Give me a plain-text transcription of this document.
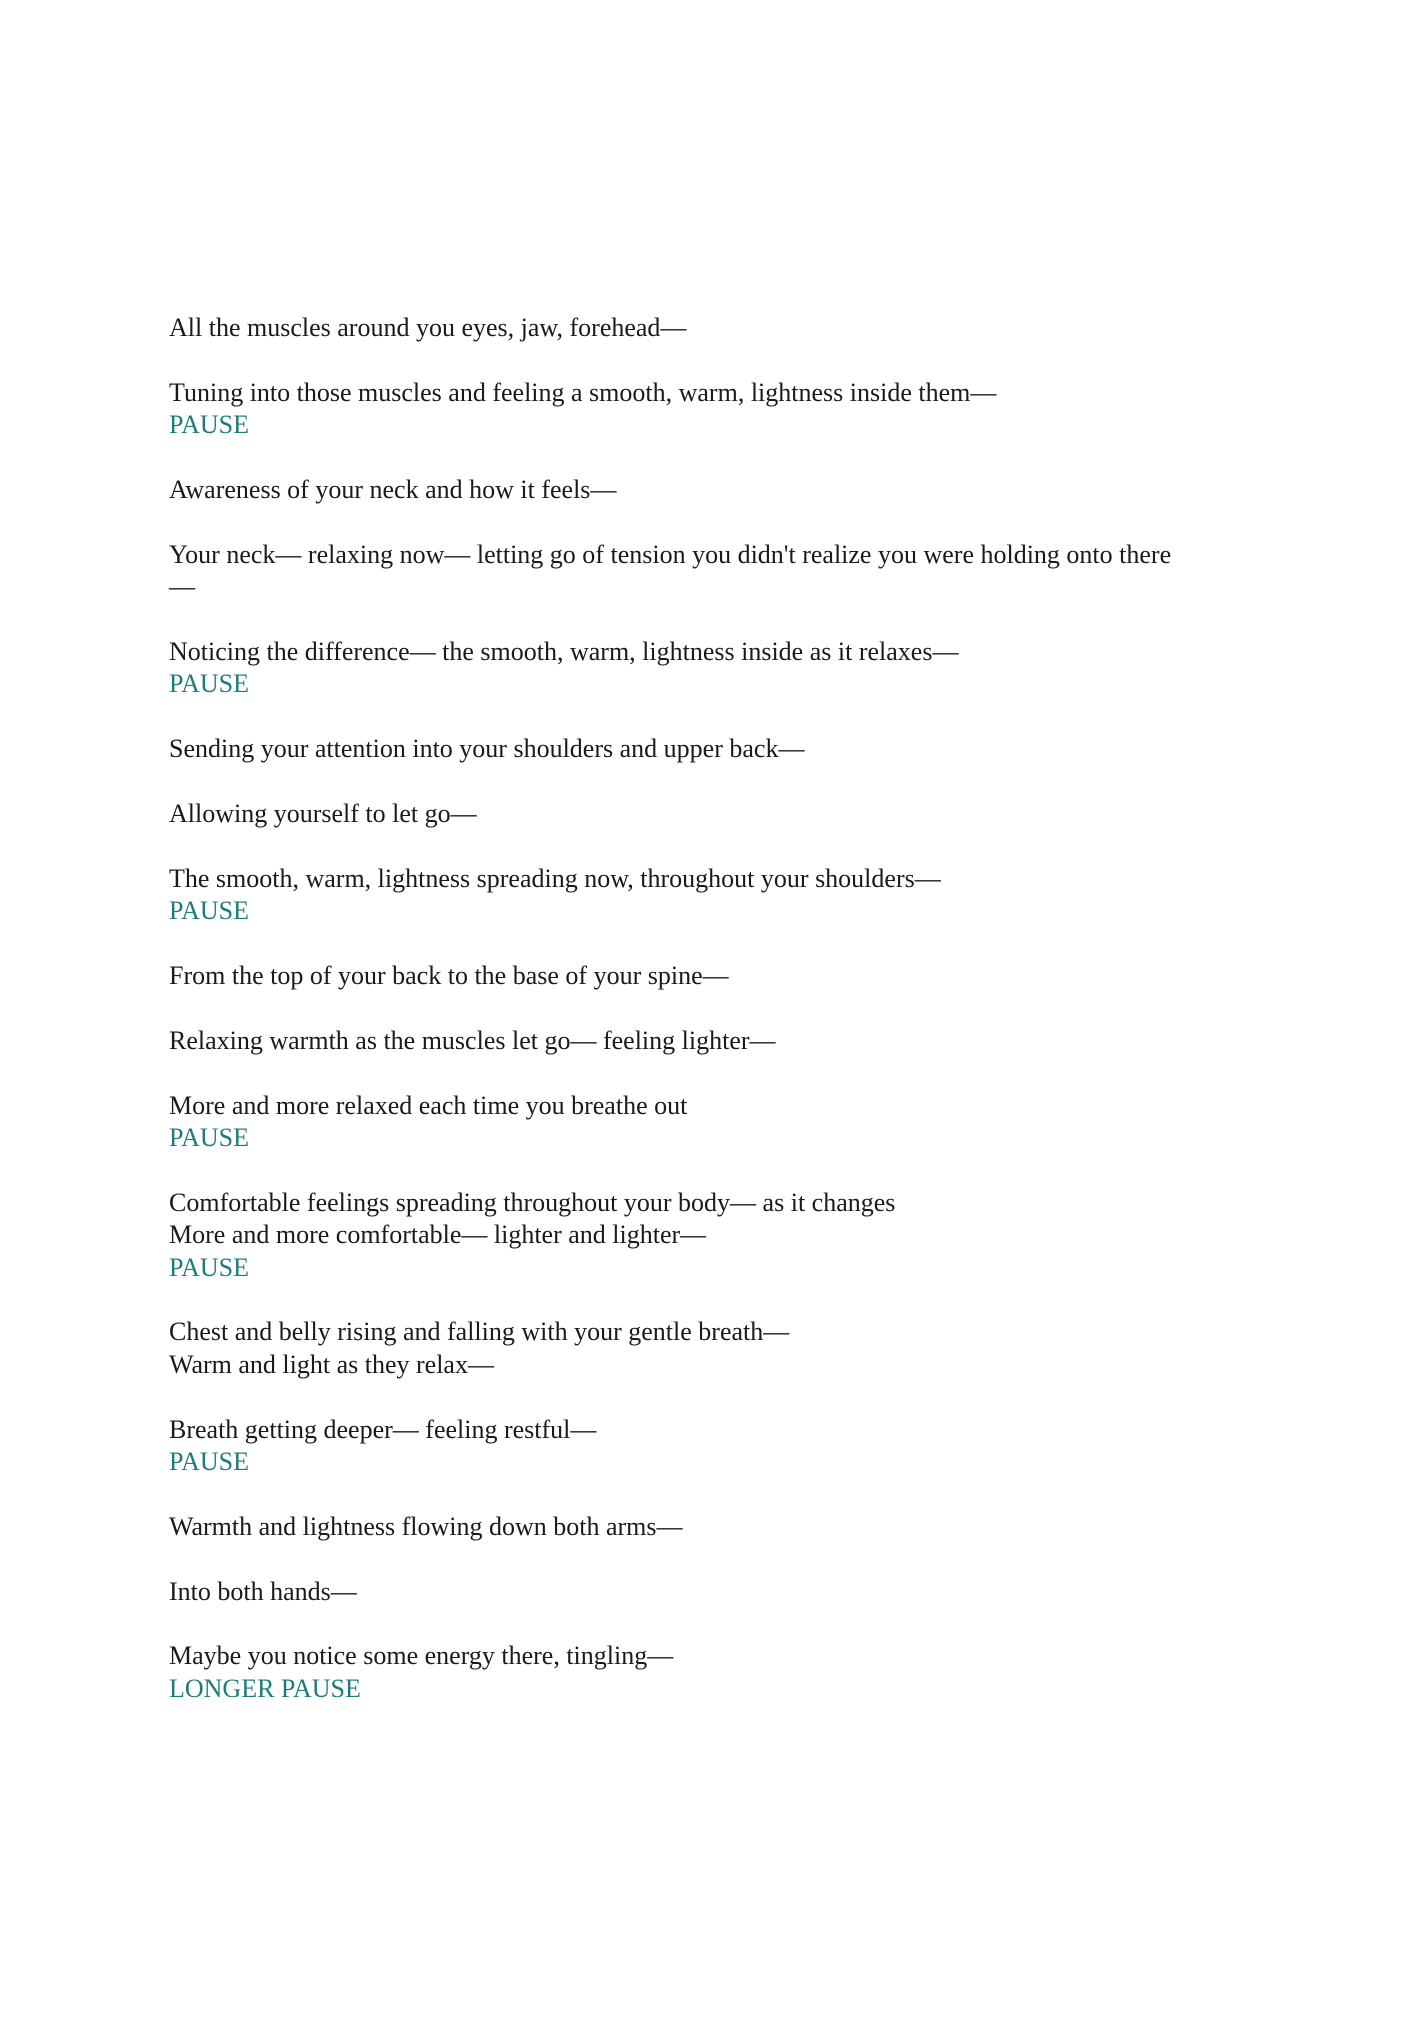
All the muscles around you eyes, jaw, forehead—
Tuning into those muscles and feeling a smooth, warm, lightness inside them—
PAUSE
Awareness of your neck and how it feels—
Your neck— relaxing now— letting go of tension you didn't realize you were holding onto there
—
Noticing the difference— the smooth, warm, lightness inside as it relaxes—
PAUSE
Sending your attention into your shoulders and upper back—
Allowing yourself to let go—
The smooth, warm, lightness spreading now, throughout your shoulders—
PAUSE
From the top of your back to the base of your spine—
Relaxing warmth as the muscles let go— feeling lighter—
More and more relaxed each time you breathe out
PAUSE
Comfortable feelings spreading throughout your body— as it changes
More and more comfortable— lighter and lighter—
PAUSE
Chest and belly rising and falling with your gentle breath—
Warm and light as they relax—
Breath getting deeper— feeling restful—
PAUSE
Warmth and lightness flowing down both arms—
Into both hands—
Maybe you notice some energy there, tingling—
LONGER PAUSE
